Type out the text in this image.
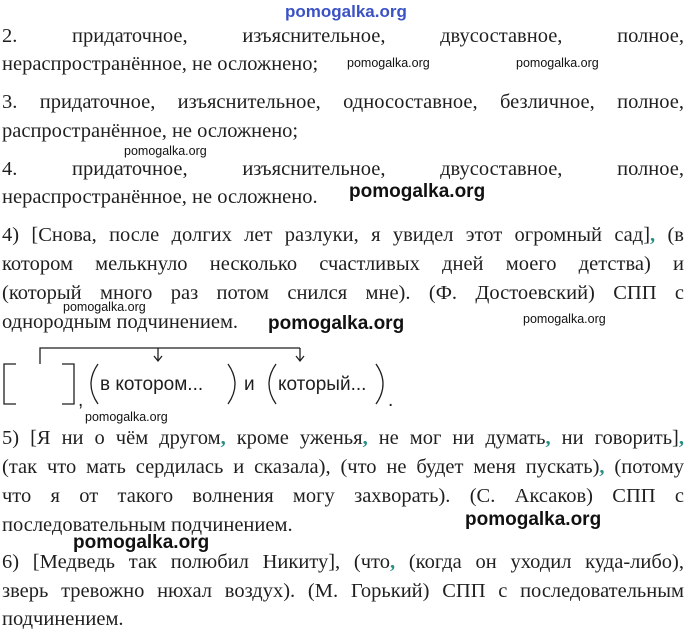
pomogalka.org
pomogalka.org	pomogalka.org
pomogalka.org
pomogalka.org
pomogalka.org
pomogalka.org	pomogalka.org
pomogalka.org
pomogalka.org
pomogalka.org
2.	придаточное,	изъяснительное,	двусоставное,	полное,
нераспространённое, не осложнено;
3. придаточное, изъяснительное, односоставное, безличное, полное,
распространённое, не осложнено;
4.	придаточное,	изъяснительное,	двусоставное,	полное,
нераспространённое, не осложнено.
4) [Снова, после долгих лет разлуки, я увидел этот огромный сад], (в
котором мелькнуло несколько счастливых дней моего детства) и
(который много раз потом снился мне). (Ф. Достоевский) СПП с
однородным подчинением.
,
в котором... и который...
.
5) [Я ни о чём другом, кроме уженья, не мог ни думать, ни говорить],
(так что мать сердилась и сказала), (что не будет меня пускать), (потому
что я от такого волнения могу захворать). (С. Аксаков) СПП с
последовательным подчинением.
6) [Медведь так полюбил Никиту], (что, (когда он уходил куда-либо),
зверь тревожно нюхал воздух). (М. Горький) СПП с последовательным
подчинением.
